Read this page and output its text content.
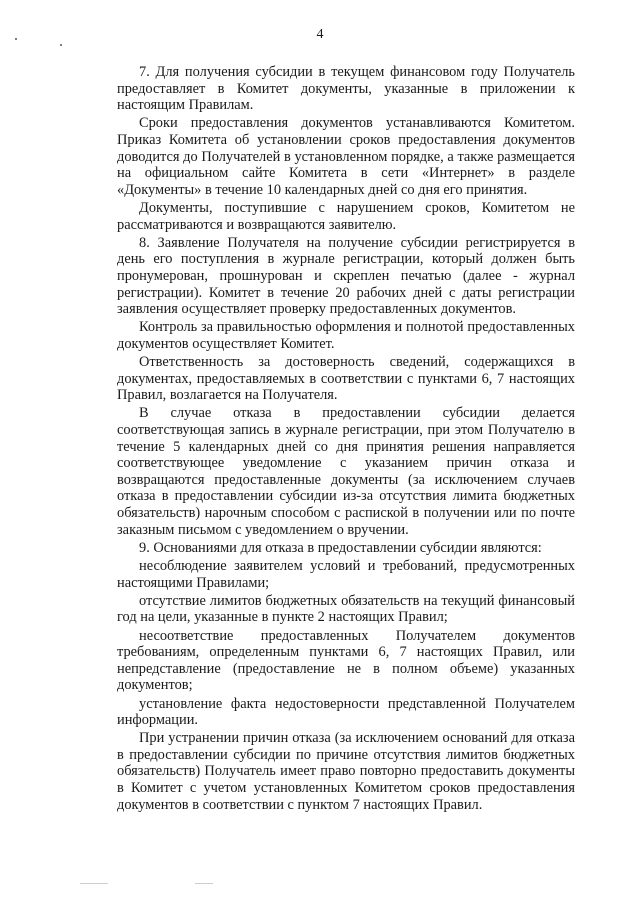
4

7. Для получения субсидии в текущем финансовом году Получатель предоставляет в Комитет документы, указанные в приложении к настоящим Правилам.

Сроки предоставления документов устанавливаются Комитетом. Приказ Комитета об установлении сроков предоставления документов доводится до Получателей в установленном порядке, а также размещается на официальном сайте Комитета в сети «Интернет» в разделе «Документы» в течение 10 календарных дней со дня его принятия.

Документы, поступившие с нарушением сроков, Комитетом не рассматриваются и возвращаются заявителю.

8. Заявление Получателя на получение субсидии регистрируется в день его поступления в журнале регистрации, который должен быть пронумерован, прошнурован и скреплен печатью (далее - журнал регистрации). Комитет в течение 20 рабочих дней с даты регистрации заявления осуществляет проверку предоставленных документов.

Контроль за правильностью оформления и полнотой предоставленных документов осуществляет Комитет.

Ответственность за достоверность сведений, содержащихся в документах, предоставляемых в соответствии с пунктами 6, 7 настоящих Правил, возлагается на Получателя.

В случае отказа в предоставлении субсидии делается соответствующая запись в журнале регистрации, при этом Получателю в течение 5 календарных дней со дня принятия решения направляется соответствующее уведомление с указанием причин отказа и возвращаются предоставленные документы (за исключением случаев отказа в предоставлении субсидии из-за отсутствия лимита бюджетных обязательств) нарочным способом с распиской в получении или по почте заказным письмом с уведомлением о вручении.

9. Основаниями для отказа в предоставлении субсидии являются:

несоблюдение заявителем условий и требований, предусмотренных настоящими Правилами;

отсутствие лимитов бюджетных обязательств на текущий финансовый год на цели, указанные в пункте 2 настоящих Правил;

несоответствие предоставленных Получателем документов требованиям, определенным пунктами 6, 7 настоящих Правил, или непредставление (предоставление не в полном объеме) указанных документов;

установление факта недостоверности представленной Получателем информации.

При устранении причин отказа (за исключением оснований для отказа в предоставлении субсидии по причине отсутствия лимитов бюджетных обязательств) Получатель имеет право повторно предоставить документы в Комитет с учетом установленных Комитетом сроков предоставления документов в соответствии с пунктом 7 настоящих Правил.
